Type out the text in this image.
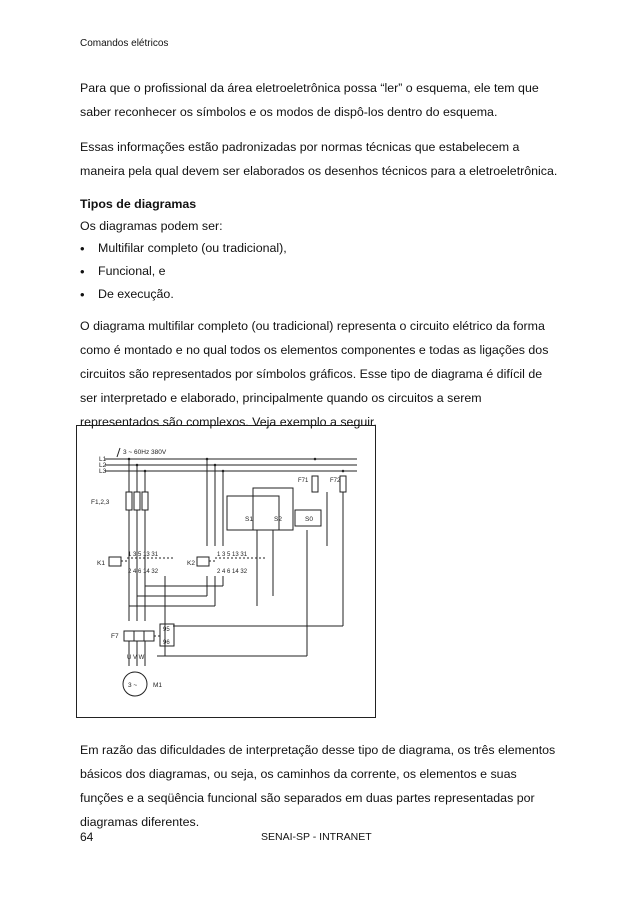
Comandos elétricos
Para que o profissional da área eletroeletrônica possa “ler” o esquema, ele tem que saber reconhecer os símbolos e os modos de dispô-los dentro do esquema.
Essas informações estão padronizadas por normas técnicas que estabelecem a maneira pela qual devem ser elaborados os desenhos técnicos para a eletroeletrônica.
Tipos de diagramas
Os diagramas podem ser:
• Multifilar completo (ou tradicional),
• Funcional, e
• De execução.
O diagrama multifilar completo (ou tradicional) representa o circuito elétrico da forma como é montado e no qual todos os elementos componentes e todas as ligações dos circuitos são representados por símbolos gráficos. Esse tipo de diagrama é difícil de ser interpretado e elaborado, principalmente quando os circuitos a serem representados são complexos. Veja exemplo a seguir.
3 ~ 60Hz 380V
L1
L2
L3
F1,2,3
K1
1 3 5 13 31
2 4 6 14 32
K2
1 3 5 13 31
2 4 6 14 32
F71	F72
S1	S2	S0
F7
95
96
U V W
3 ~ M1
Em razão das dificuldades de interpretação desse tipo de diagrama, os três elementos básicos dos diagramas, ou seja, os caminhos da corrente, os elementos e suas funções e a seqüência funcional são separados em duas partes representadas por diagramas diferentes.
64	SENAI-SP - INTRANET
